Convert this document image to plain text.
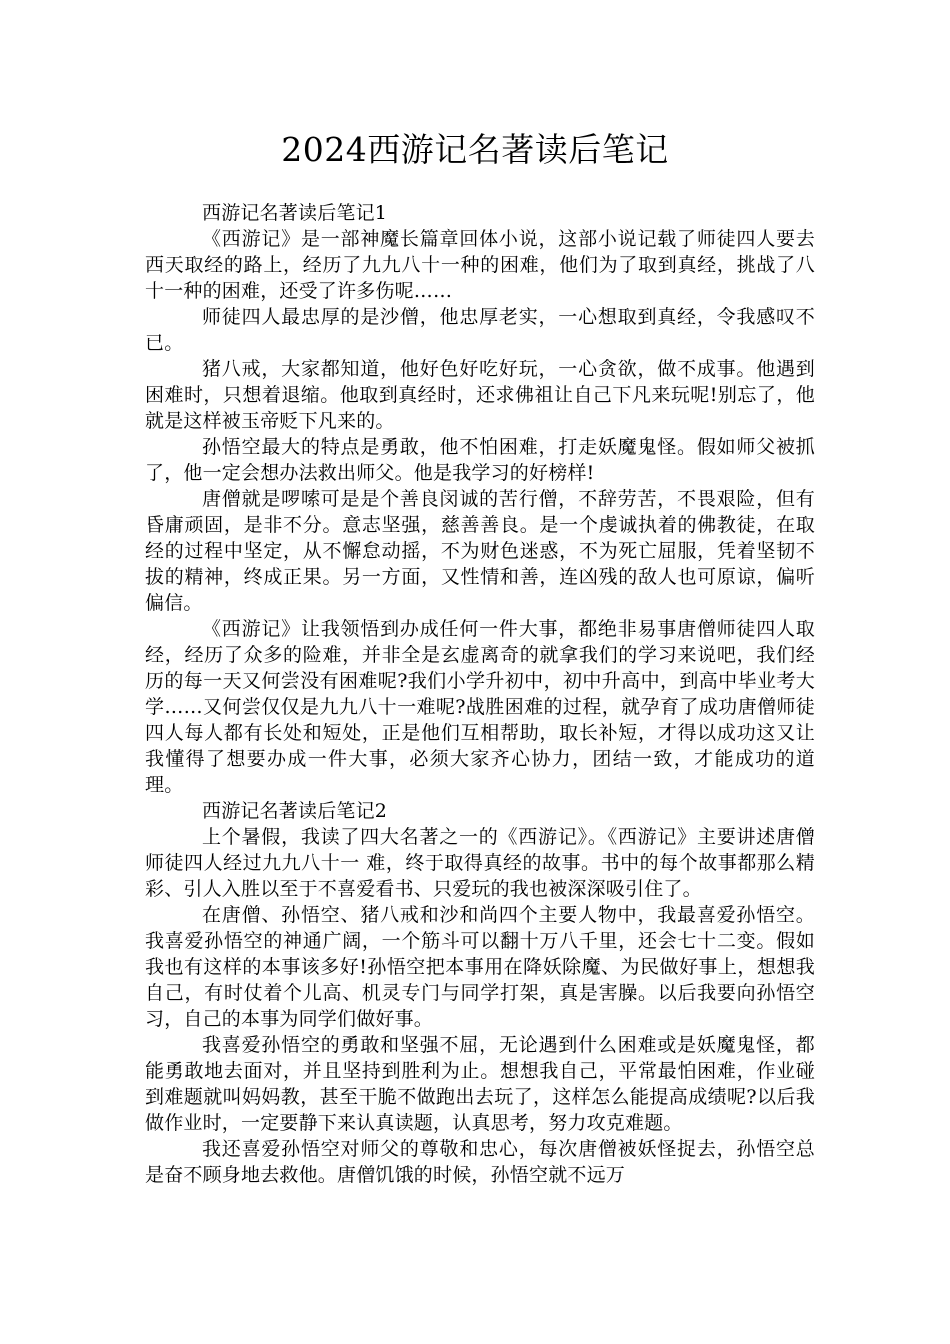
2024西游记名著读后笔记

西游记名著读后笔记1

《西游记》是一部神魔长篇章回体小说，这部小说记载了师徒四人要去西天取经的路上，经历了九九八十一种的困难，他们为了取到真经，挑战了八十一种的困难，还受了许多伤呢……

师徒四人最忠厚的是沙僧，他忠厚老实，一心想取到真经，令我感叹不已。

猪八戒，大家都知道，他好色好吃好玩，一心贪欲，做不成事。他遇到困难时，只想着退缩。他取到真经时，还求佛祖让自己下凡来玩呢!别忘了，他就是这样被玉帝贬下凡来的。

孙悟空最大的特点是勇敢，他不怕困难，打走妖魔鬼怪。假如师父被抓了，他一定会想办法救出师父。他是我学习的好榜样!

唐僧就是啰嗦可是是个善良闵诚的苦行僧，不辞劳苦，不畏艰险，但有昏庸顽固，是非不分。意志坚强，慈善善良。是一个虔诚执着的佛教徒，在取经的过程中坚定，从不懈怠动摇，不为财色迷惑，不为死亡屈服，凭着坚韧不拔的精神，终成正果。另一方面，又性情和善，连凶残的敌人也可原谅，偏听偏信。

《西游记》让我领悟到办成任何一件大事，都绝非易事唐僧师徒四人取经，经历了众多的险难，并非全是玄虚离奇的就拿我们的学习来说吧，我们经历的每一天又何尝没有困难呢?我们小学升初中，初中升高中，到高中毕业考大学……又何尝仅仅是九九八十一难呢?战胜困难的过程，就孕育了成功唐僧师徒四人每人都有长处和短处，正是他们互相帮助，取长补短，才得以成功这又让我懂得了想要办成一件大事，必须大家齐心协力，团结一致，才能成功的道理。

西游记名著读后笔记2

上个暑假，我读了四大名著之一的《西游记》。《西游记》主要讲述唐僧师徒四人经过九九八十一 难，终于取得真经的故事。书中的每个故事都那么精彩、引人入胜以至于不喜爱看书、只爱玩的我也被深深吸引住了。

在唐僧、孙悟空、猪八戒和沙和尚四个主要人物中，我最喜爱孙悟空。我喜爱孙悟空的神通广阔，一个筋斗可以翻十万八千里，还会七十二变。假如我也有这样的本事该多好!孙悟空把本事用在降妖除魔、为民做好事上，想想我自己，有时仗着个儿高、机灵专门与同学打架，真是害臊。以后我要向孙悟空习，自己的本事为同学们做好事。

我喜爱孙悟空的勇敢和坚强不屈，无论遇到什么困难或是妖魔鬼怪，都能勇敢地去面对，并且坚持到胜利为止。想想我自己，平常最怕困难，作业碰到难题就叫妈妈教，甚至干脆不做跑出去玩了，这样怎么能提高成绩呢?以后我做作业时，一定要静下来认真读题，认真思考，努力攻克难题。

我还喜爱孙悟空对师父的尊敬和忠心，每次唐僧被妖怪捉去，孙悟空总是奋不顾身地去救他。唐僧饥饿的时候，孙悟空就不远万
